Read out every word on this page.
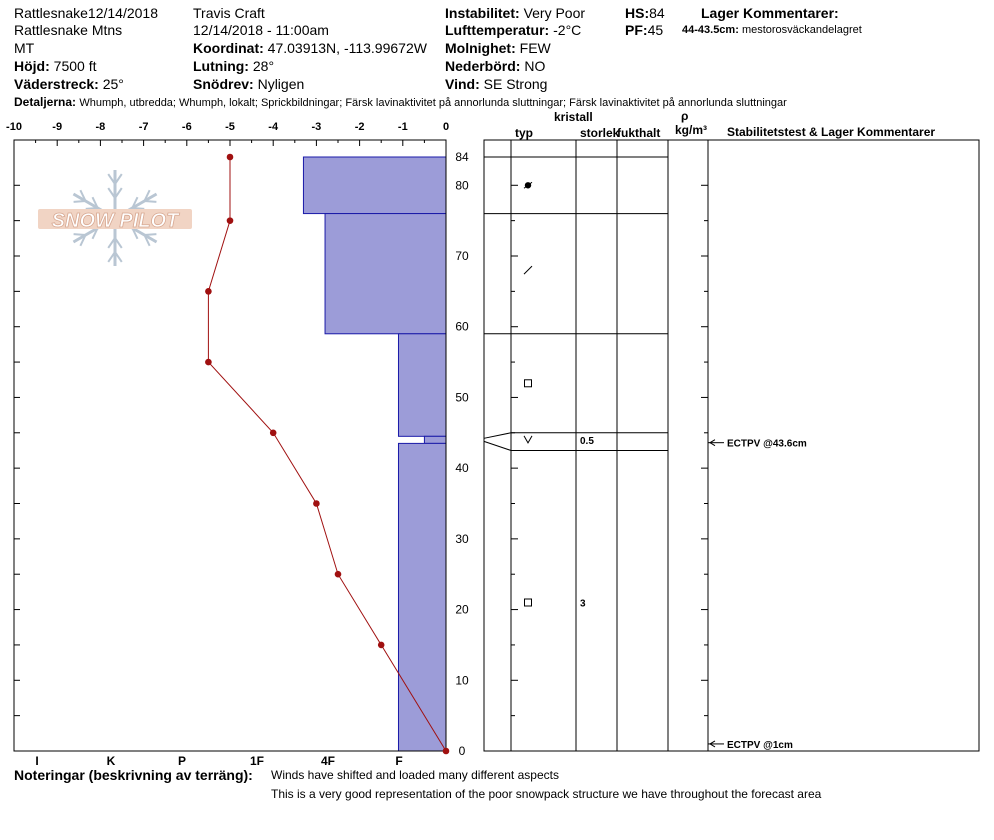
-10	-9	-8	-7	-6	-5	-4	-3	-2	-1	0
0
10
20
30
40
50
60
70
80
84
I	K	P	1F	4F	F
0.5
3
ECTPV @43.6cm
ECTPV @1cm
SNOW PILOT
Rattlesnake12/14/2018
Rattlesnake Mtns
MT
Höjd: 7500 ft
Väderstreck: 25°
Travis Craft
12/14/2018 - 11:00am
Koordinat: 47.03913N, -113.99672W
Lutning: 28°
Snödrev: Nyligen
Instabilitet: Very Poor
Lufttemperatur: -2°C
Molnighet: FEW
Nederbörd: NO
Vind: SE Strong
HS:84
PF:45
Lager Kommentarer:
44-43.5cm: mestorosväckandelagret
Detaljerna: Whumph, utbredda; Whumph, lokalt; Sprickbildningar; Färsk lavinaktivitet på annorlunda sluttningar; Färsk lavinaktivitet på annorlunda sluttningar
kristall
typ	storlek
fukthalt
ρ
kg/m³ Stabilitetstest & Lager Kommentarer
Noteringar (beskrivning av terräng): Winds have shifted and loaded many different aspects
This is a very good representation of the poor snowpack structure we have throughout the forecast area
